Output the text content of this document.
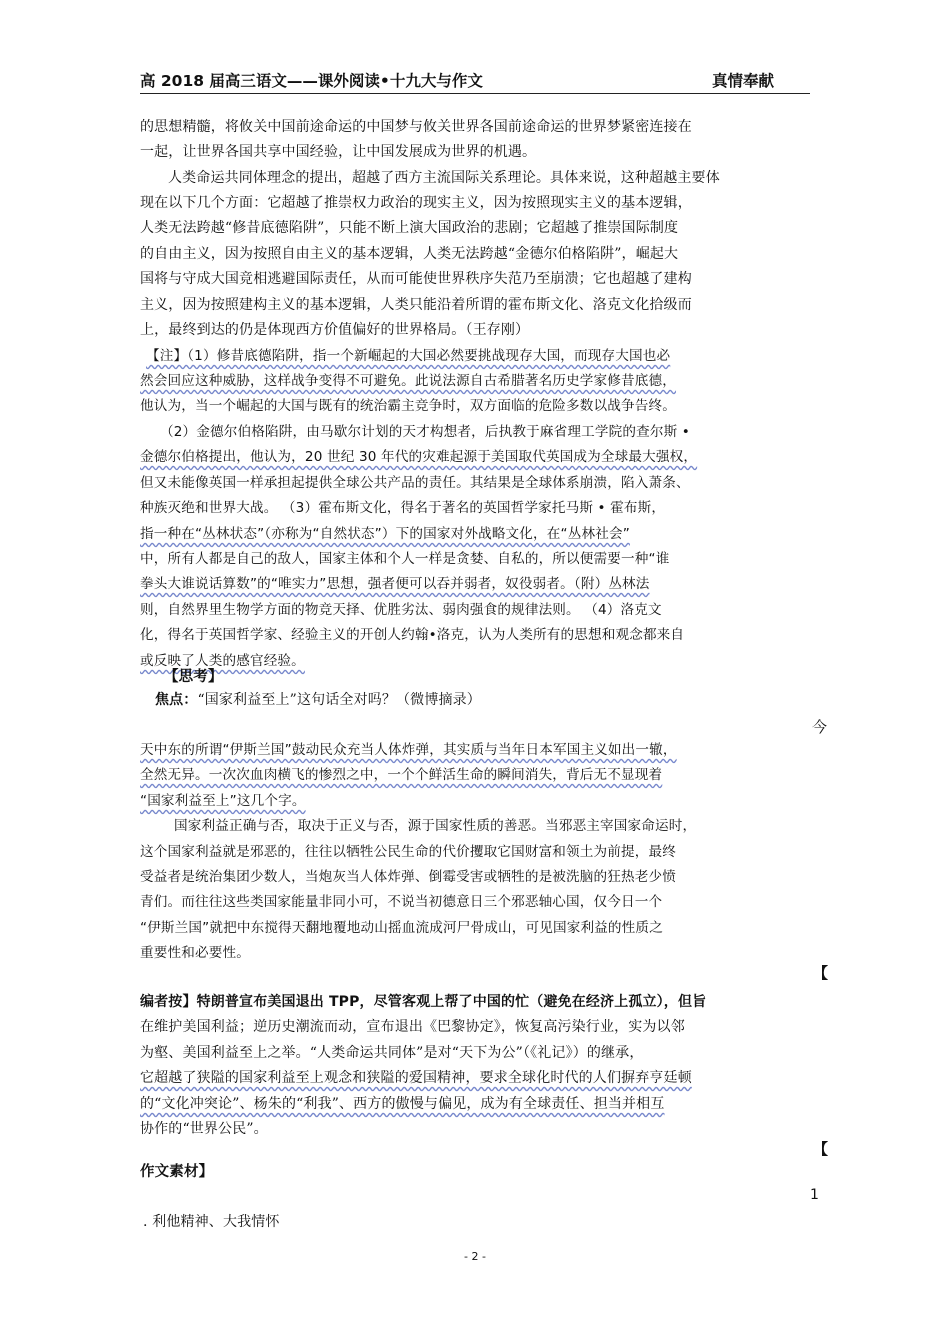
高 2018 届高三语文——课外阅读•十九大与作文	真情奉献
的思想精髓，将攸关中国前途命运的中国梦与攸关世界各国前途命运的世界梦紧密连接在
一起，让世界各国共享中国经验，让中国发展成为世界的机遇。
人类命运共同体理念的提出，超越了西方主流国际关系理论。具体来说，这种超越主要体
现在以下几个方面：它超越了推崇权力政治的现实主义，因为按照现实主义的基本逻辑，
人类无法跨越“修昔底德陷阱”，只能不断上演大国政治的悲剧；它超越了推崇国际制度
的自由主义，因为按照自由主义的基本逻辑，人类无法跨越“金德尔伯格陷阱”，崛起大
国将与守成大国竞相逃避国际责任，从而可能使世界秩序失范乃至崩溃；它也超越了建构
主义，因为按照建构主义的基本逻辑，人类只能沿着所谓的霍布斯文化、洛克文化拾级而
上，最终到达的仍是体现西方价值偏好的世界格局。（王存刚）
【注】（1）修昔底德陷阱，指一个新崛起的大国必然要挑战现存大国，而现存大国也必
然会回应这种威胁，这样战争变得不可避免。此说法源自古希腊著名历史学家修昔底德，
他认为，当一个崛起的大国与既有的统治霸主竞争时，双方面临的危险多数以战争告终。
（2）金德尔伯格陷阱，由马歇尔计划的天才构想者，后执教于麻省理工学院的查尔斯 •
金德尔伯格提出，他认为，20 世纪 30 年代的灾难起源于美国取代英国成为全球最大强权，
但又未能像英国一样承担起提供全球公共产品的责任。其结果是全球体系崩溃，陷入萧条、
种族灭绝和世界大战。 （3）霍布斯文化，得名于著名的英国哲学家托马斯 • 霍布斯，
指一种在“丛林状态”（亦称为“自然状态”）下的国家对外战略文化，在“丛林社会”
中，所有人都是自己的敌人，国家主体和个人一样是贪婪、自私的，所以便需要一种“谁
拳头大谁说话算数”的“唯实力”思想，强者便可以吞并弱者，奴役弱者。（附）丛林法
则，自然界里生物学方面的物竞天择、优胜劣汰、弱肉强食的规律法则。 （4）洛克文
化，得名于英国哲学家、经验主义的开创人约翰•洛克，认为人类所有的思想和观念都来自
或反映了人类的感官经验。
【思考】
焦点：“国家利益至上”这句话全对吗？（微博摘录）
今
天中东的所谓“伊斯兰国”鼓动民众充当人体炸弹，其实质与当年日本军国主义如出一辙，
全然无异。一次次血肉横飞的惨烈之中，一个个鲜活生命的瞬间消失，背后无不显现着
“国家利益至上”这几个字。
国家利益正确与否，取决于正义与否，源于国家性质的善恶。当邪恶主宰国家命运时，
这个国家利益就是邪恶的，往往以牺牲公民生命的代价攫取它国财富和领土为前提，最终
受益者是统治集团少数人，当炮灰当人体炸弹、倒霉受害或牺牲的是被洗脑的狂热老少愤
青们。而往往这些类国家能量非同小可，不说当初德意日三个邪恶轴心国，仅今日一个
“伊斯兰国”就把中东搅得天翻地覆地动山摇血流成河尸骨成山，可见国家利益的性质之
重要性和必要性。
【
编者按】特朗普宣布美国退出 TPP，尽管客观上帮了中国的忙（避免在经济上孤立），但旨
在维护美国利益；逆历史潮流而动，宣布退出《巴黎协定》，恢复高污染行业，实为以邻
为壑、美国利益至上之举。“人类命运共同体”是对“天下为公”（《礼记》）的继承，
它超越了狭隘的国家利益至上观念和狭隘的爱国精神，要求全球化时代的人们摒弃亨廷顿
的“文化冲突论”、杨朱的“利我”、西方的傲慢与偏见，成为有全球责任、担当并相互
协作的“世界公民”。
【
作文素材】
1
. 利他精神、大我情怀
- 2 -
